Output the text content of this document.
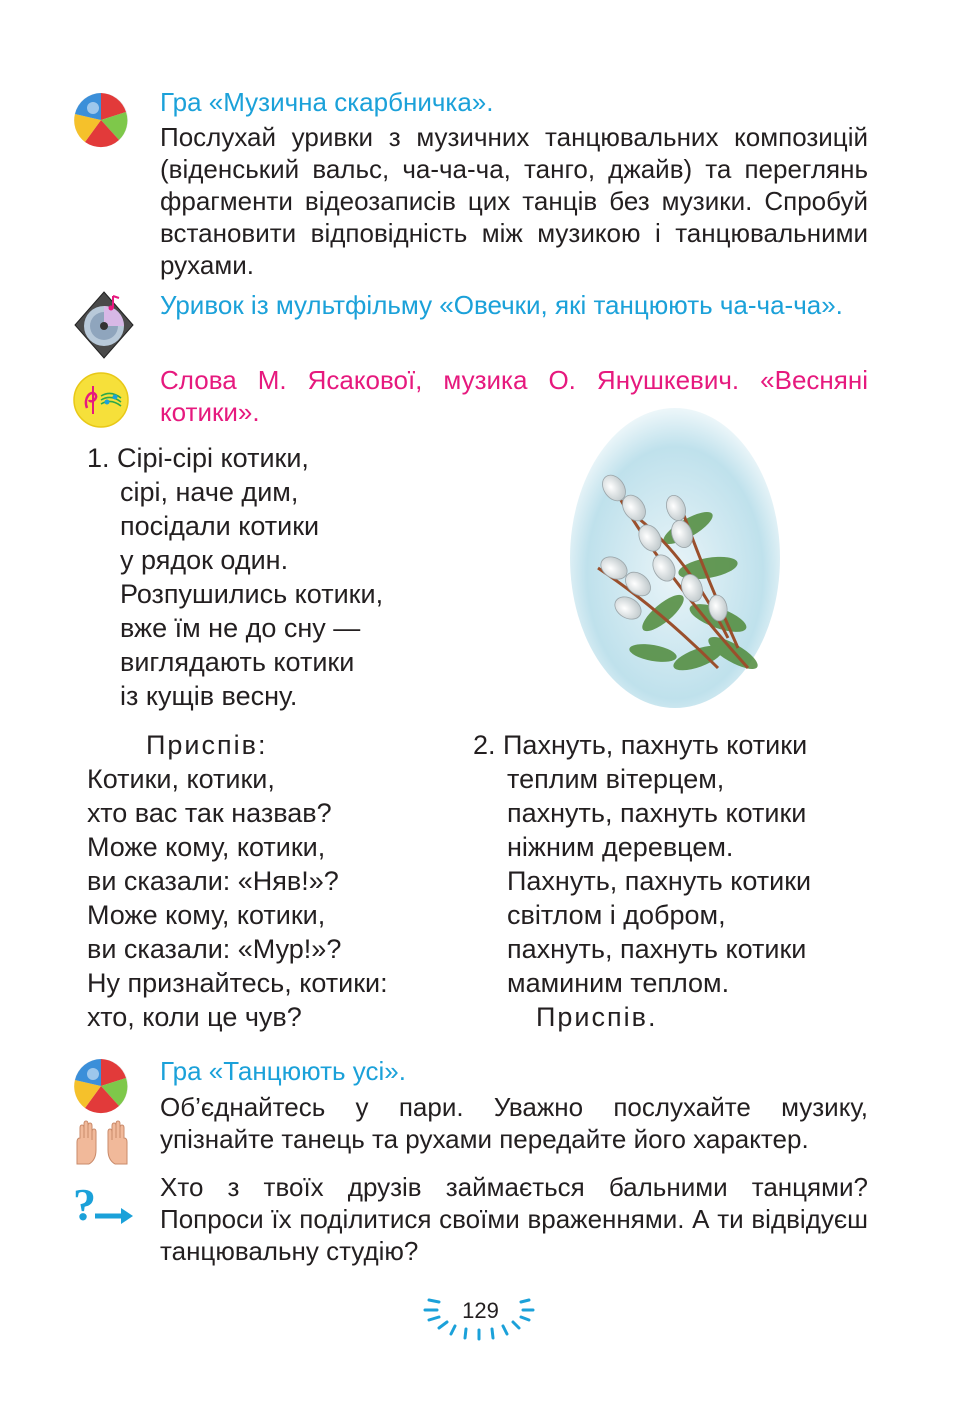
Гра «Музична скарбничка».
Послухай уривки з музичних танцювальних композицій (віденський вальс, ча-ча-ча, танго, джайв) та переглянь фрагменти відеозаписів цих танців без музики. Спробуй встановити відповідність між музикою і танцювальними рухами.
Уривок із мультфільму «Овечки, які танцюють ча-ча-ча».
Слова М. Ясакової, музика О. Янушкевич. «Весняні котики».
1. Сірі-сірі котики,
сірі, наче дим,
посідали котики
у рядок один.
Розпушились котики,
вже їм не до сну —
виглядають котики
із кущів весну.
Приспів:
Котики, котики,
хто вас так назвав?
Може кому, котики,
ви сказали: «Няв!»?
Може кому, котики,
ви сказали: «Мур!»?
Ну признайтесь, котики:
хто, коли це чув?
2. Пахнуть, пахнуть котики
теплим вітерцем,
пахнуть, пахнуть котики
ніжним деревцем.
Пахнуть, пахнуть котики
світлом і добром,
пахнуть, пахнуть котики
маминим теплом.
Приспів.
Гра «Танцюють усі».
Об’єднайтесь у пари. Уважно послухайте музику, упізнайте танець та рухами передайте його характер.
? Хто з твоїх друзів займається бальними танцями? Попроси їх поділитися своїми враженнями. А ти відвідуєш танцювальну студію?
129
